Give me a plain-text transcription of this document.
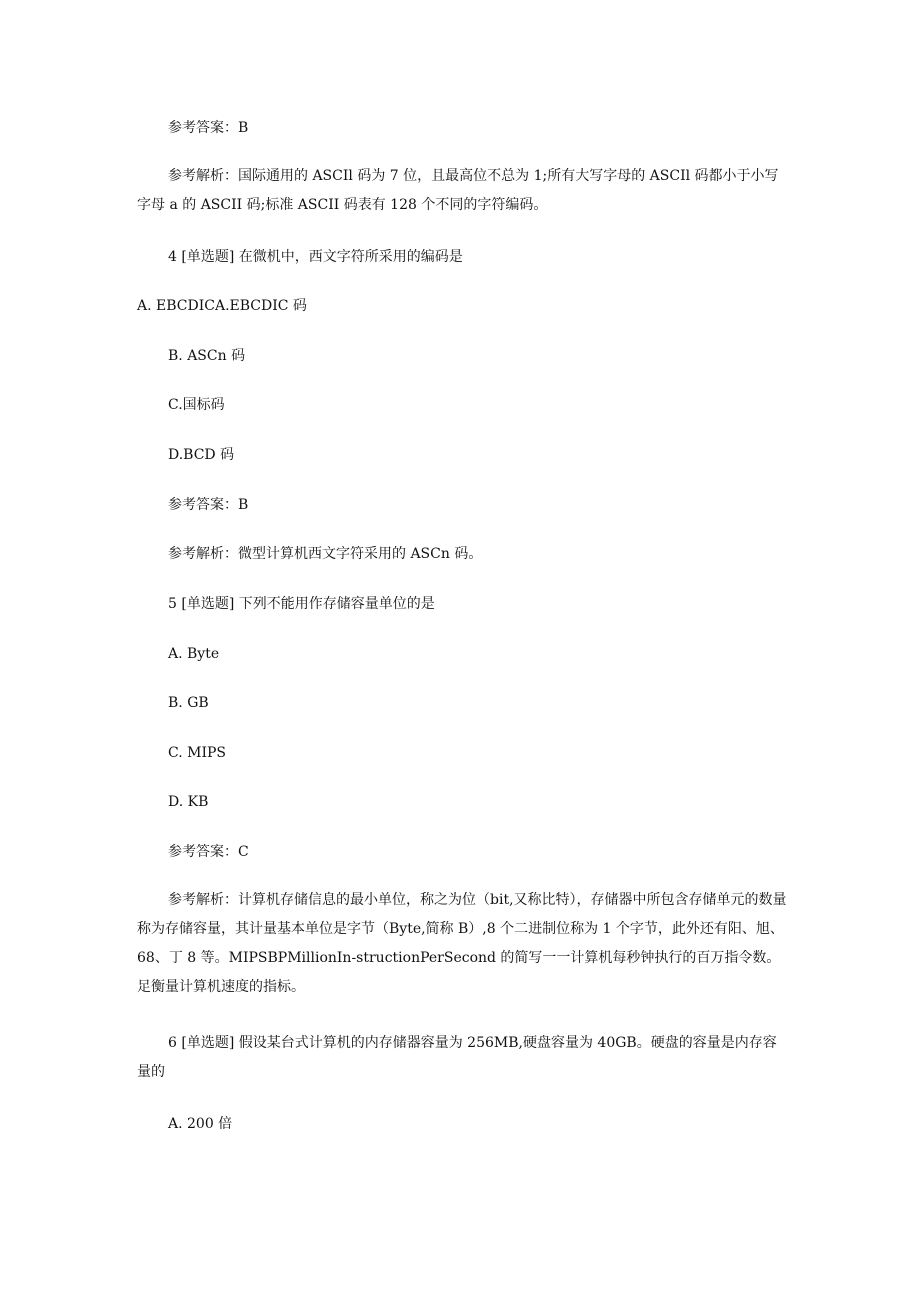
参考答案：B
参考解析：国际通用的 ASCIl 码为 7 位，且最高位不总为 1;所有大写字母的 ASCIl 码都小于小写字母 a 的 ASCII 码;标准 ASCII 码表有 128 个不同的字符编码。
4 [单选题] 在微机中，西文字符所采用的编码是
A. EBCDICA.EBCDIC 码
B. ASCn 码
C.国标码
D.BCD 码
参考答案：B
参考解析：微型计算机西文字符采用的 ASCn 码。
5 [单选题] 下列不能用作存储容量单位的是
A. Byte
B. GB
C. MIPS
D. KB
参考答案：C
参考解析：计算机存储信息的最小单位，称之为位（bit,又称比特），存储器中所包含存储单元的数量称为存储容量，其计量基本单位是字节（Byte,简称 B）,8 个二进制位称为 1 个字节，此外还有阳、旭、68、丁 8 等。MIPSBPMillionIn-structionPerSecond 的简写一一计算机每秒钟执行的百万指令数。足衡量计算机速度的指标。
6 [单选题] 假设某台式计算机的内存储器容量为 256MB,硬盘容量为 40GB。硬盘的容量是内存容量的
A. 200 倍
